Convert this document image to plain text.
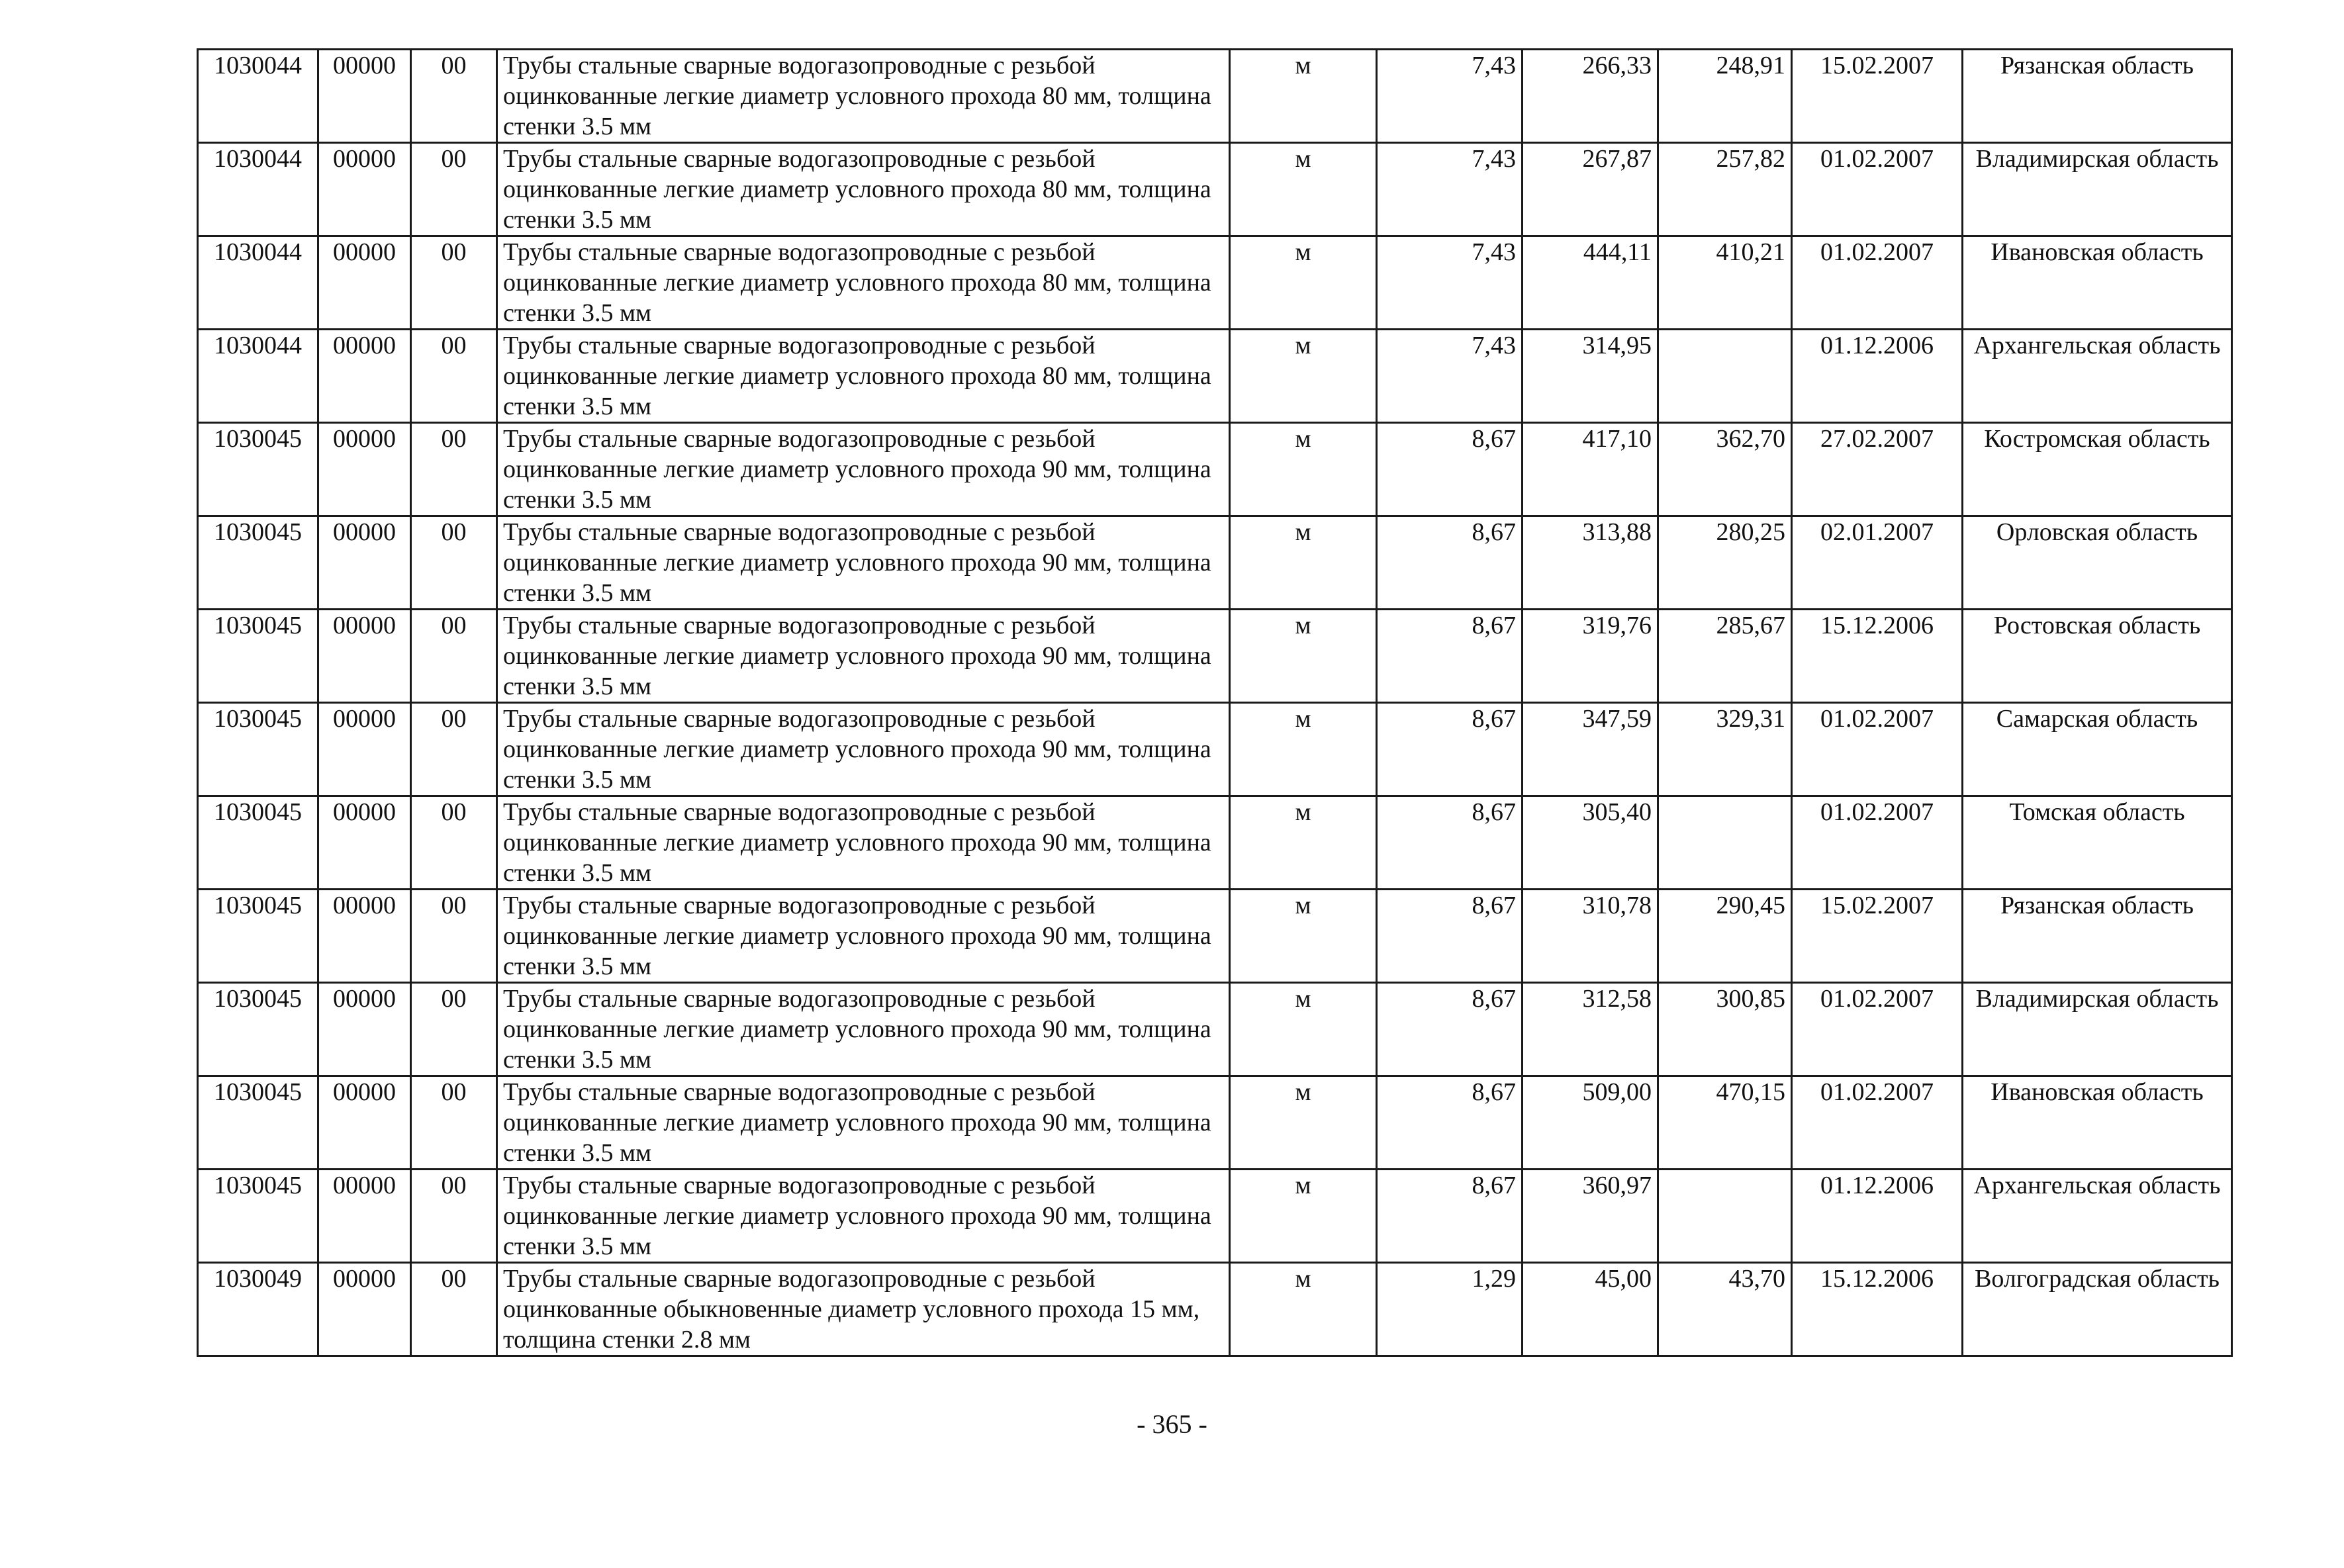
1030044	00000	00	Трубы стальные сварные водогазопроводные с резьбой оцинкованные легкие диаметр условного прохода 80 мм, толщина стенки 3.5 мм	м	7,43	266,33	248,91	15.02.2007	Рязанская область
1030044	00000	00	Трубы стальные сварные водогазопроводные с резьбой оцинкованные легкие диаметр условного прохода 80 мм, толщина стенки 3.5 мм	м	7,43	267,87	257,82	01.02.2007	Владимирская область
1030044	00000	00	Трубы стальные сварные водогазопроводные с резьбой оцинкованные легкие диаметр условного прохода 80 мм, толщина стенки 3.5 мм	м	7,43	444,11	410,21	01.02.2007	Ивановская область
1030044	00000	00	Трубы стальные сварные водогазопроводные с резьбой оцинкованные легкие диаметр условного прохода 80 мм, толщина стенки 3.5 мм	м	7,43	314,95		01.12.2006	Архангельская область
1030045	00000	00	Трубы стальные сварные водогазопроводные с резьбой оцинкованные легкие диаметр условного прохода 90 мм, толщина стенки 3.5 мм	м	8,67	417,10	362,70	27.02.2007	Костромская область
1030045	00000	00	Трубы стальные сварные водогазопроводные с резьбой оцинкованные легкие диаметр условного прохода 90 мм, толщина стенки 3.5 мм	м	8,67	313,88	280,25	02.01.2007	Орловская область
1030045	00000	00	Трубы стальные сварные водогазопроводные с резьбой оцинкованные легкие диаметр условного прохода 90 мм, толщина стенки 3.5 мм	м	8,67	319,76	285,67	15.12.2006	Ростовская область
1030045	00000	00	Трубы стальные сварные водогазопроводные с резьбой оцинкованные легкие диаметр условного прохода 90 мм, толщина стенки 3.5 мм	м	8,67	347,59	329,31	01.02.2007	Самарская область
1030045	00000	00	Трубы стальные сварные водогазопроводные с резьбой оцинкованные легкие диаметр условного прохода 90 мм, толщина стенки 3.5 мм	м	8,67	305,40		01.02.2007	Томская область
1030045	00000	00	Трубы стальные сварные водогазопроводные с резьбой оцинкованные легкие диаметр условного прохода 90 мм, толщина стенки 3.5 мм	м	8,67	310,78	290,45	15.02.2007	Рязанская область
1030045	00000	00	Трубы стальные сварные водогазопроводные с резьбой оцинкованные легкие диаметр условного прохода 90 мм, толщина стенки 3.5 мм	м	8,67	312,58	300,85	01.02.2007	Владимирская область
1030045	00000	00	Трубы стальные сварные водогазопроводные с резьбой оцинкованные легкие диаметр условного прохода 90 мм, толщина стенки 3.5 мм	м	8,67	509,00	470,15	01.02.2007	Ивановская область
1030045	00000	00	Трубы стальные сварные водогазопроводные с резьбой оцинкованные легкие диаметр условного прохода 90 мм, толщина стенки 3.5 мм	м	8,67	360,97		01.12.2006	Архангельская область
1030049	00000	00	Трубы стальные сварные водогазопроводные с резьбой оцинкованные обыкновенные диаметр условного прохода 15 мм, толщина стенки 2.8 мм	м	1,29	45,00	43,70	15.12.2006	Волгоградская область
- 365 -
